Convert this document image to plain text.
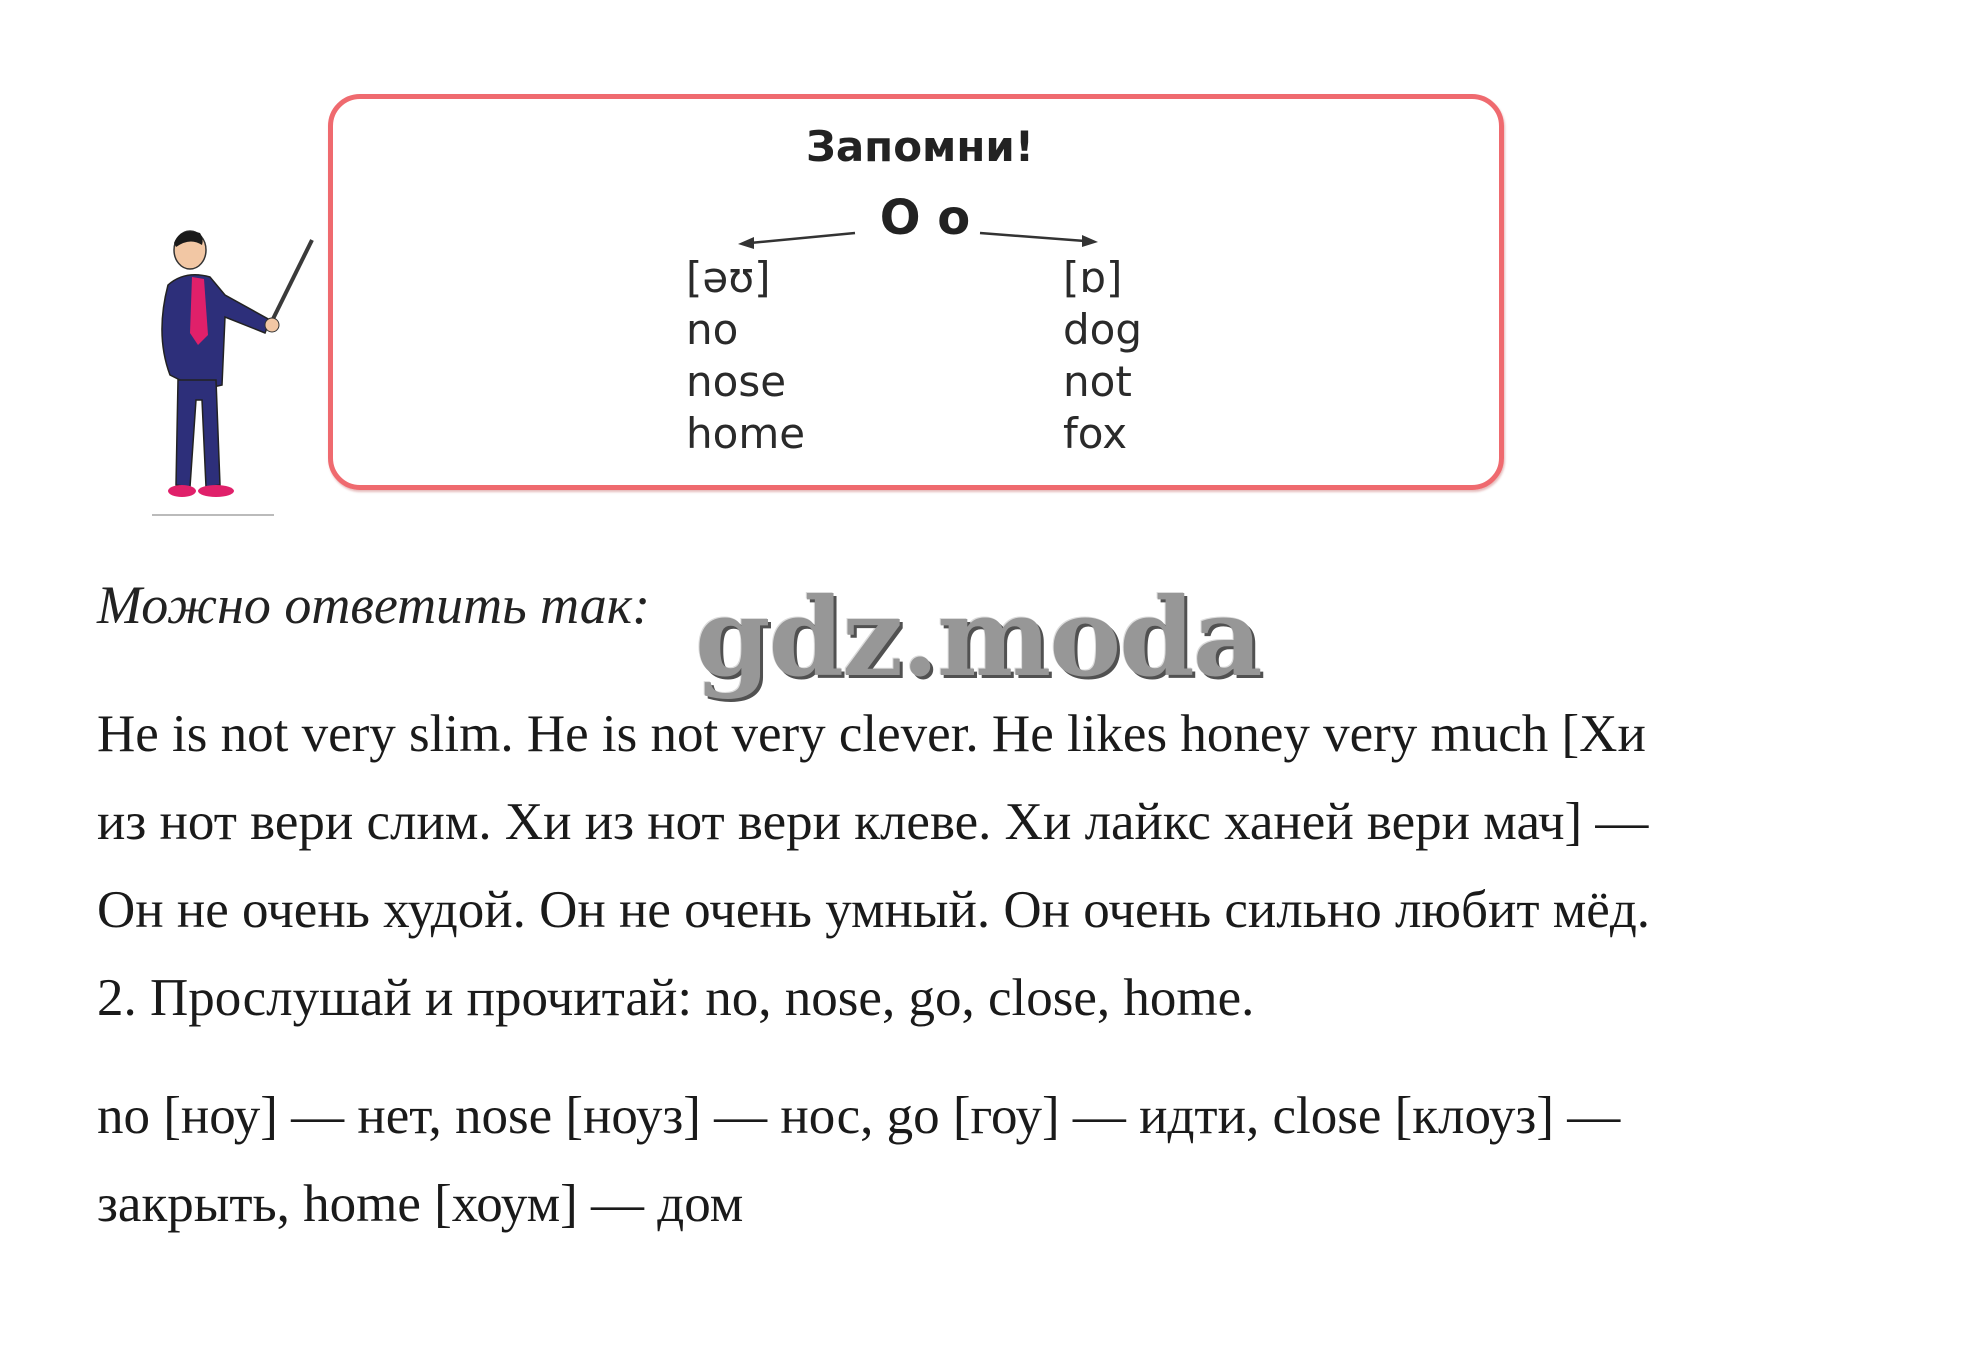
Запомни!
O o
[əʊ]
no
nose
home
[ɒ]
dog
not
fox
Можно ответить так: gdz.moda
He is not very slim. He is not very clever. He likes honey very much [Хи
из нот вери слим. Хи из нот вери клеве. Хи лайкс ханей вери мач] —
Он не очень худой. Он не очень умный. Он очень сильно любит мёд.
2. Прослушай и прочитай: no, nose, go, close, home.
no [ноу] — нет, nose [ноуз] — нос, go [гоу] — идти, close [клоуз] —
закрыть, home [хоум] — дом
